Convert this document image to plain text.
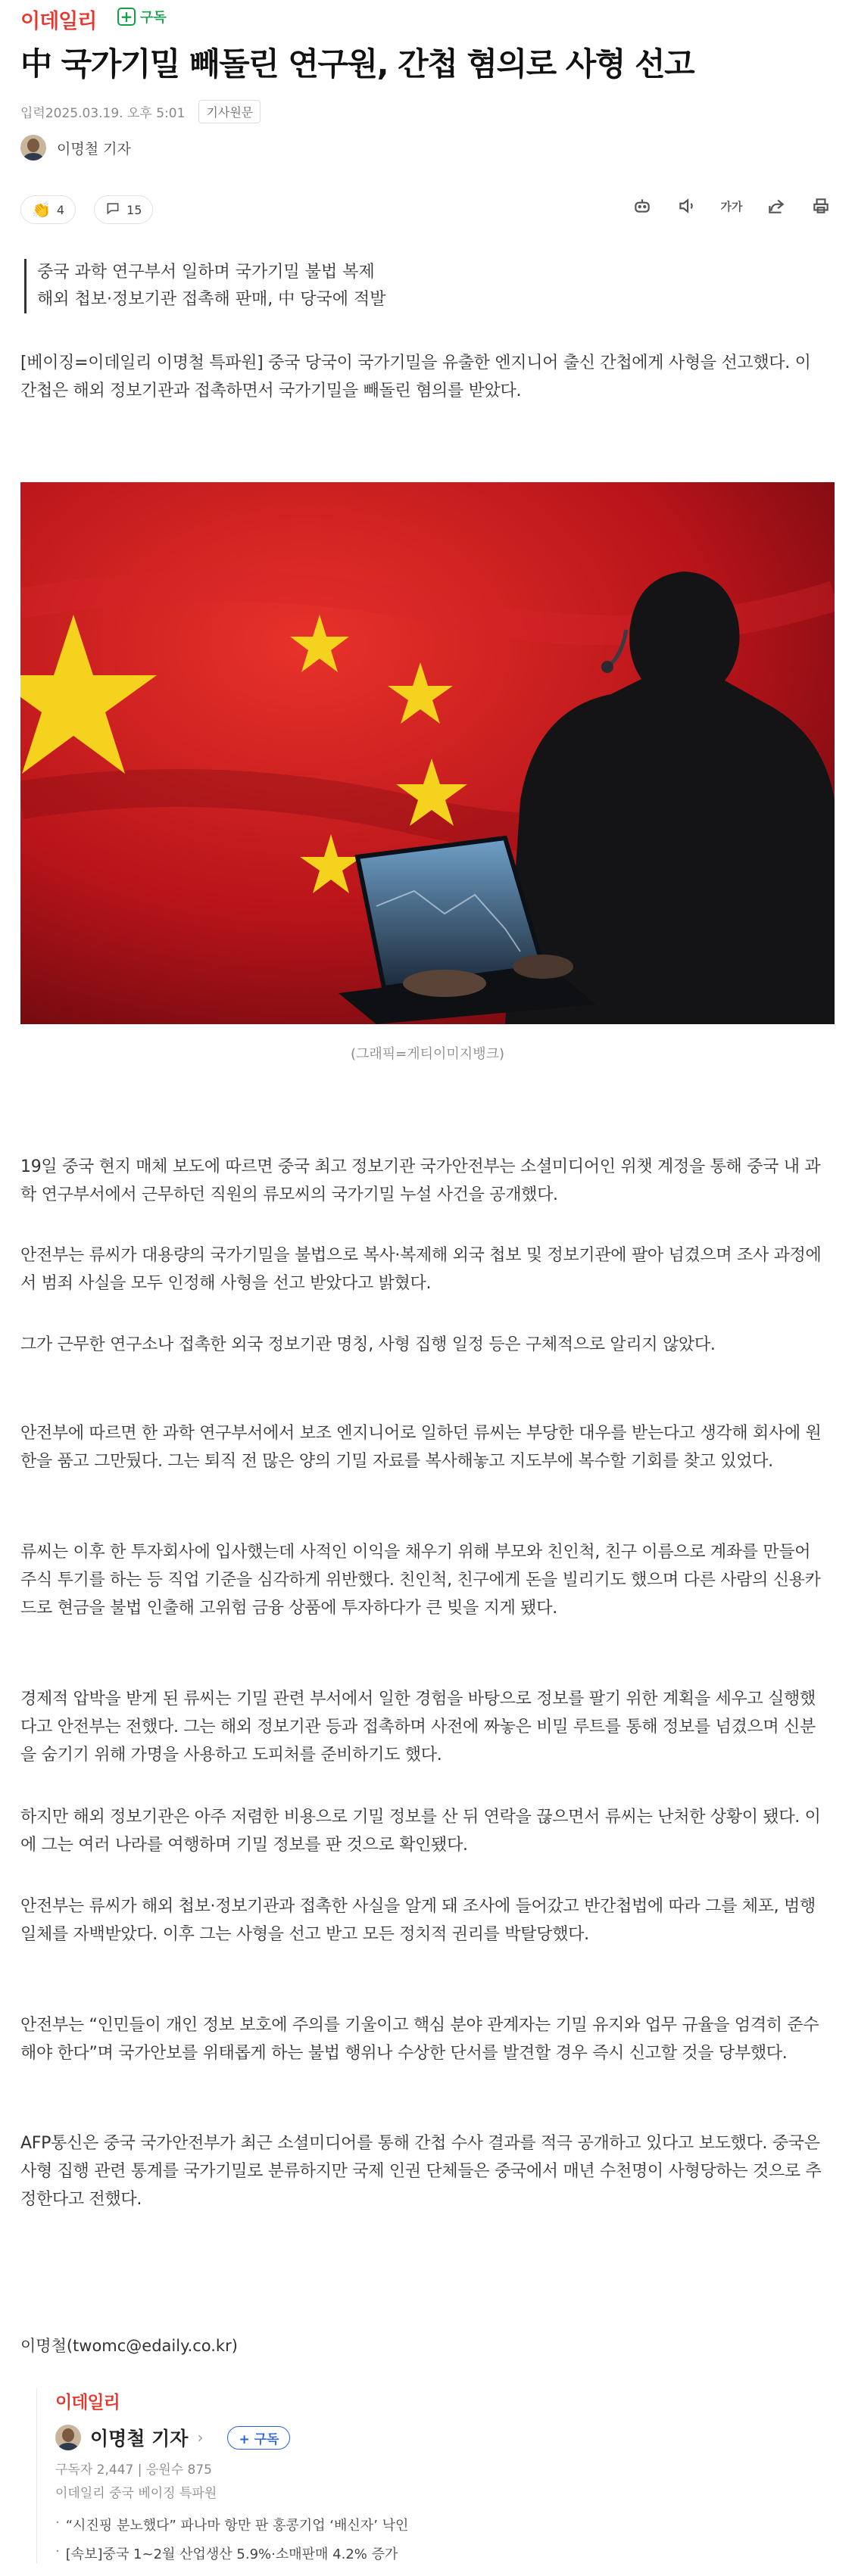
이데일리 + 구독
中 국가기밀 빼돌린 연구원, 간첩 혐의로 사형 선고
입력2025.03.19. 오후 5:01	기사원문
이명철 기자
👏 4	15	가가
중국 과학 연구부서 일하며 국가기밀 불법 복제
해외 첩보·정보기관 접촉해 판매, 中 당국에 적발
[베이징=이데일리 이명철 특파원] 중국 당국이 국가기밀을 유출한 엔지니어 출신 간첩에게 사형을 선고했다. 이 간첩은 해외 정보기관과 접촉하면서 국가기밀을 빼돌린 혐의를 받았다.
(그래픽=게티이미지뱅크)
19일 중국 현지 매체 보도에 따르면 중국 최고 정보기관 국가안전부는 소셜미디어인 위챗 계정을 통해 중국 내 과학 연구부서에서 근무하던 직원의 류모씨의 국가기밀 누설 사건을 공개했다.
안전부는 류씨가 대용량의 국가기밀을 불법으로 복사·복제해 외국 첩보 및 정보기관에 팔아 넘겼으며 조사 과정에서 범죄 사실을 모두 인정해 사형을 선고 받았다고 밝혔다.
그가 근무한 연구소나 접촉한 외국 정보기관 명칭, 사형 집행 일정 등은 구체적으로 알리지 않았다.
안전부에 따르면 한 과학 연구부서에서 보조 엔지니어로 일하던 류씨는 부당한 대우를 받는다고 생각해 회사에 원한을 품고 그만뒀다. 그는 퇴직 전 많은 양의 기밀 자료를 복사해놓고 지도부에 복수할 기회를 찾고 있었다.
류씨는 이후 한 투자회사에 입사했는데 사적인 이익을 채우기 위해 부모와 친인척, 친구 이름으로 계좌를 만들어 주식 투기를 하는 등 직업 기준을 심각하게 위반했다. 친인척, 친구에게 돈을 빌리기도 했으며 다른 사람의 신용카드로 현금을 불법 인출해 고위험 금융 상품에 투자하다가 큰 빚을 지게 됐다.
경제적 압박을 받게 된 류씨는 기밀 관련 부서에서 일한 경험을 바탕으로 정보를 팔기 위한 계획을 세우고 실행했다고 안전부는 전했다. 그는 해외 정보기관 등과 접촉하며 사전에 짜놓은 비밀 루트를 통해 정보를 넘겼으며 신분을 숨기기 위해 가명을 사용하고 도피처를 준비하기도 했다.
하지만 해외 정보기관은 아주 저렴한 비용으로 기밀 정보를 산 뒤 연락을 끊으면서 류씨는 난처한 상황이 됐다. 이에 그는 여러 나라를 여행하며 기밀 정보를 판 것으로 확인됐다.
안전부는 류씨가 해외 첩보·정보기관과 접촉한 사실을 알게 돼 조사에 들어갔고 반간첩법에 따라 그를 체포, 범행 일체를 자백받았다. 이후 그는 사형을 선고 받고 모든 정치적 권리를 박탈당했다.
안전부는 “인민들이 개인 정보 보호에 주의를 기울이고 핵심 분야 관계자는 기밀 유지와 업무 규율을 엄격히 준수해야 한다”며 국가안보를 위태롭게 하는 불법 행위나 수상한 단서를 발견할 경우 즉시 신고할 것을 당부했다.
AFP통신은 중국 국가안전부가 최근 소셜미디어를 통해 간첩 수사 결과를 적극 공개하고 있다고 보도했다. 중국은 사형 집행 관련 통계를 국가기밀로 분류하지만 국제 인권 단체들은 중국에서 매년 수천명이 사형당하는 것으로 추정한다고 전했다.
이명철(twomc@edaily.co.kr)
이데일리
이명철 기자 ›	+ 구독
구독자 2,447 | 응원수 875
이데일리 중국 베이징 특파원
· “시진핑 분노했다” 파나마 항만 판 홍콩기업 ‘배신자’ 낙인
· [속보]중국 1~2월 산업생산 5.9%·소매판매 4.2% 증가
